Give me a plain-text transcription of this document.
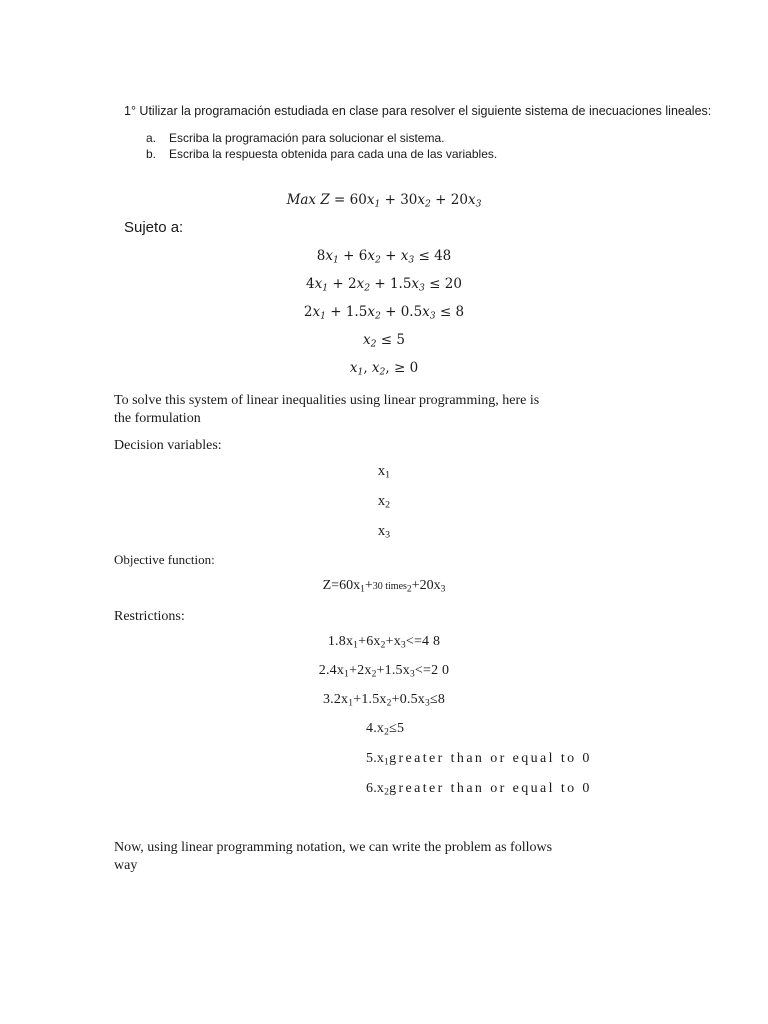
1° Utilizar la programación estudiada en clase para resolver el siguiente sistema de inecuaciones lineales:
a. Escriba la programación para solucionar el sistema.
b. Escriba la respuesta obtenida para cada una de las variables.
Max $Z = 60x_1 + 30x_2 + 20x_3$
Sujeto a:
$8x_1 + 6x_2 + x_3 \le 48$
$4x_1 + 2x_2 + 1.5x_3 \le 20$
$2x_1 + 1.5x_2 + 0.5x_3 \le 8$
$x_2 \le 5$
$x_1$, $x_2$, ≥ 0
To solve this system of linear inequalities using linear programming, here is the formulation
Decision variables:
$x_1$
$x_2$
$x_3$
Objective function:
$Z=60x_1+30$ $times_2+20x_3$
Restrictions:
$1.8x_1+6x_2+x_3<=4$ 8
$2.4x_1+2x_2+1.5x_3<=2$ 0
$3.2x_1+1.5x_2+0.5x_3\le 8$
$4.x_2\le 5$
$5.x_1greater$ than or equal to 0
$6.x_2greater$ than or equal to 0
Now, using linear programming notation, we can write the problem as follows way
